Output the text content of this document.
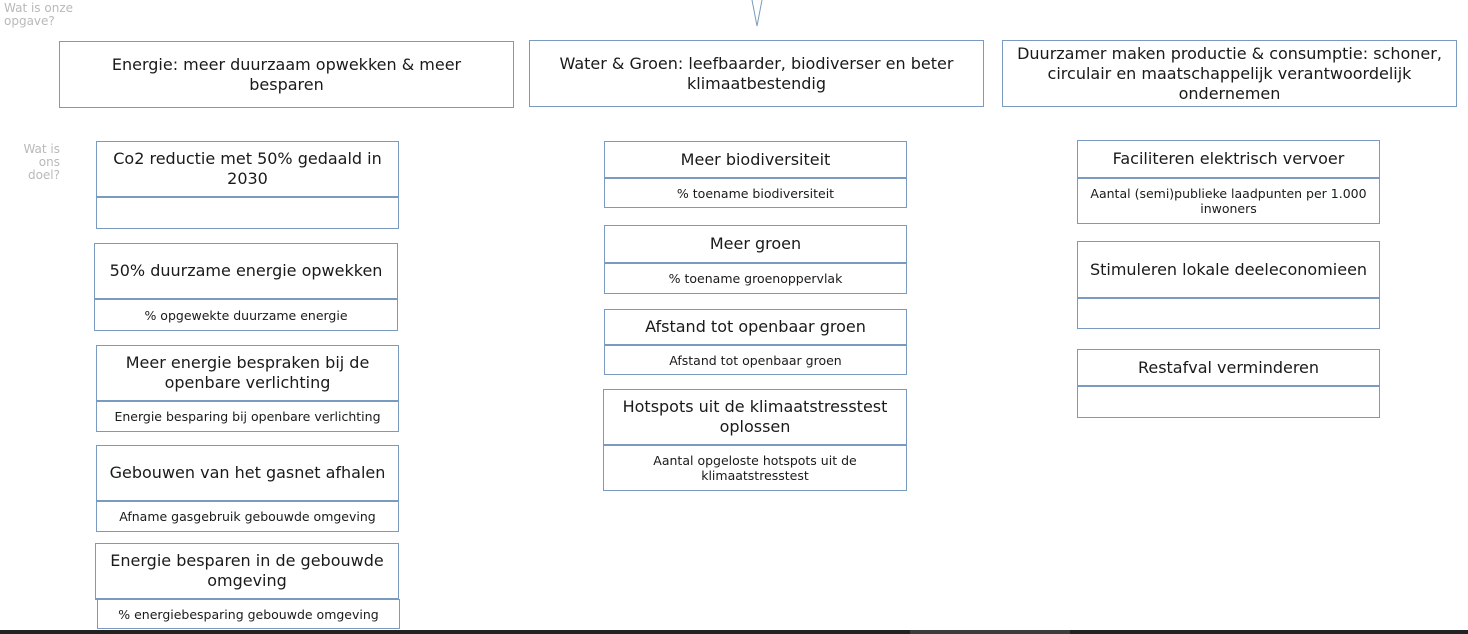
Wat is onze opgave?
Wat is ons doel?
Energie: meer duurzaam opwekken & meer besparen
Water & Groen: leefbaarder, biodiverser en beter klimaatbestendig
Duurzamer maken productie & consumptie: schoner, circulair en maatschappelijk verantwoordelijk ondernemen
Co2 reductie met 50% gedaald in 2030
50% duurzame energie opwekken
% opgewekte duurzame energie
Meer energie bespraken bij de openbare verlichting
Energie besparing bij openbare verlichting
Gebouwen van het gasnet afhalen
Afname gasgebruik gebouwde omgeving
Energie besparen in de gebouwde omgeving
% energiebesparing gebouwde omgeving
Meer biodiversiteit
% toename biodiversiteit
Meer groen
% toename groenoppervlak
Afstand tot openbaar groen
Afstand tot openbaar groen
Hotspots uit de klimaatstresstest oplossen
Aantal opgeloste hotspots uit de klimaatstresstest
Faciliteren elektrisch vervoer
Aantal (semi)publieke laadpunten per 1.000 inwoners
Stimuleren lokale deeleconomieen
Restafval verminderen
